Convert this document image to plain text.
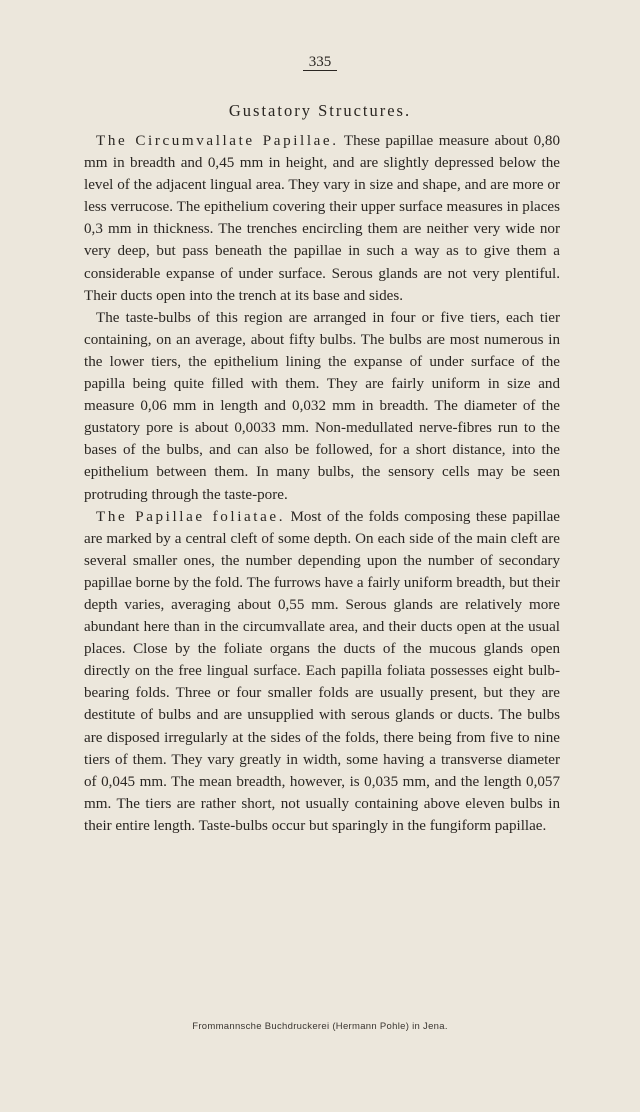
335
Gustatory Structures.

The Circumvallate Papillae. These papillae measure about 0,80 mm in breadth and 0,45 mm in height, and are slightly depressed below the level of the adjacent lingual area. They vary in size and shape, and are more or less verrucose. The epithelium covering their upper surface measures in places 0,3 mm in thickness. The trenches encircling them are neither very wide nor very deep, but pass beneath the papillae in such a way as to give them a considerable expanse of under surface. Serous glands are not very plentiful. Their ducts open into the trench at its base and sides.

The taste-bulbs of this region are arranged in four or five tiers, each tier containing, on an average, about fifty bulbs. The bulbs are most numerous in the lower tiers, the epithelium lining the expanse of under surface of the papilla being quite filled with them. They are fairly uniform in size and measure 0,06 mm in length and 0,032 mm in breadth. The diameter of the gustatory pore is about 0,0033 mm. Non-medullated nerve-fibres run to the bases of the bulbs, and can also be followed, for a short distance, into the epithelium between them. In many bulbs, the sensory cells may be seen protruding through the taste-pore.

The Papillae foliatae. Most of the folds composing these papillae are marked by a central cleft of some depth. On each side of the main cleft are several smaller ones, the number depending upon the number of secondary papillae borne by the fold. The furrows have a fairly uniform breadth, but their depth varies, averaging about 0,55 mm. Serous glands are relatively more abundant here than in the circumvallate area, and their ducts open at the usual places. Close by the foliate organs the ducts of the mucous glands open directly on the free lingual surface. Each papilla foliata possesses eight bulb-bearing folds. Three or four smaller folds are usually present, but they are destitute of bulbs and are unsupplied with serous glands or ducts. The bulbs are disposed irregularly at the sides of the folds, there being from five to nine tiers of them. They vary greatly in width, some having a transverse diameter of 0,045 mm. The mean breadth, however, is 0,035 mm, and the length 0,057 mm. The tiers are rather short, not usually containing above eleven bulbs in their entire length. Taste-bulbs occur but sparingly in the fungiform papillae.

Frommannsche Buchdruckerei (Hermann Pohle) in Jena.
